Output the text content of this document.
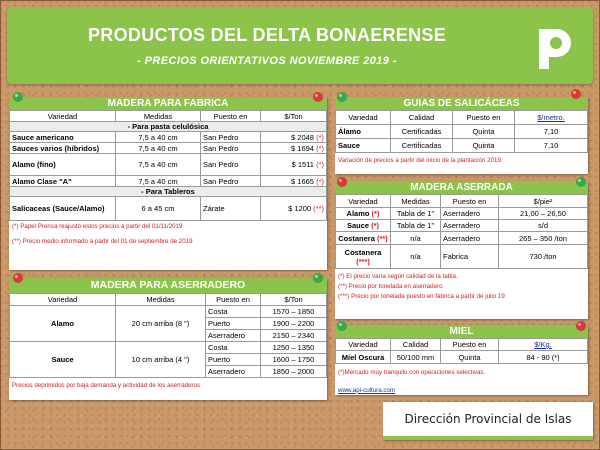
PRODUCTOS DEL DELTA BONAERENSE
- PRECIOS ORIENTATIVOS NOVIEMBRE 2019 -
MADERA PARA FABRICA
Variedad	Medidas	Puesto en	$/Ton
- Para pasta celulósica			
Sauce americano	7,5 a 40 cm	San Pedro	$ 2048 (*)
Sauces varios (híbridos)	7,5 a 40 cm	San Pedro	$ 1694 (*)
Alamo (fino)	7,5 a 40 cm	San Pedro	$ 1511 (*)
Alamo Clase "A"	7,5 a 40 cm	San Pedro	$ 1665 (*)
- Para Tableros			
Salicaceas (Sauce/Alamo)	6 a 45 cm	Zárate	$ 1200 (**)
(*) Papel Prensa reajustó estos precios a partir del 01/11/2019
(**) Precio medio informado a partir del 01 de septiembre de 2019
MADERA PARA ASERRADERO
Variedad	Medidas	Puesto en	$/Ton
Alamo	20 cm arriba (8 ")	Costa	1570 – 1850
		Puerto	1900 – 2200
		Aserradero	2150 – 2340
Sauce	10 cm arriba (4 ")	Costa	1250 – 1350
		Puerto	1600 – 1750
		Aserradero	1850 – 2000
Precios deprimidos por baja demanda y actividad de los aserraderos
GUIAS DE SALICÁCEAS
Variedad	Calidad	Puesto en	$/metro.
Álamo	Certificadas	Quinta	7,10
Sauce	Certificadas	Quinta	7,10
Variación de precios a partir del inicio de la plantación 2019.
MADERA ASERRADA
Variedad	Medidas	Puesto en	$/pie²
Alamo (*)	Tabla de 1"	Aserradero	21,00 – 26,50
Sauce (*)	Tabla de 1"	Aserradero	s/d
Costanera (**)	n/a	Aserradero	265 – 350 /ton
Costanera
(***)	n/a	Fabrica	730 /ton
(*) El precio varía según calidad de la tabla.
(**) Precio por tonelada en aserradero
(***) Precio por tonelada puesto en fábrica a partir de julio 19
MIEL
Variedad	Calidad	Puesto en	$/Kg.
Miel Oscura	50/100 mm	Quinta	84 - 90 (*)
(*)Mercado muy tranquilo con operaciones selectivas.
www.api-cultura.com
Dirección Provincial de Islas
